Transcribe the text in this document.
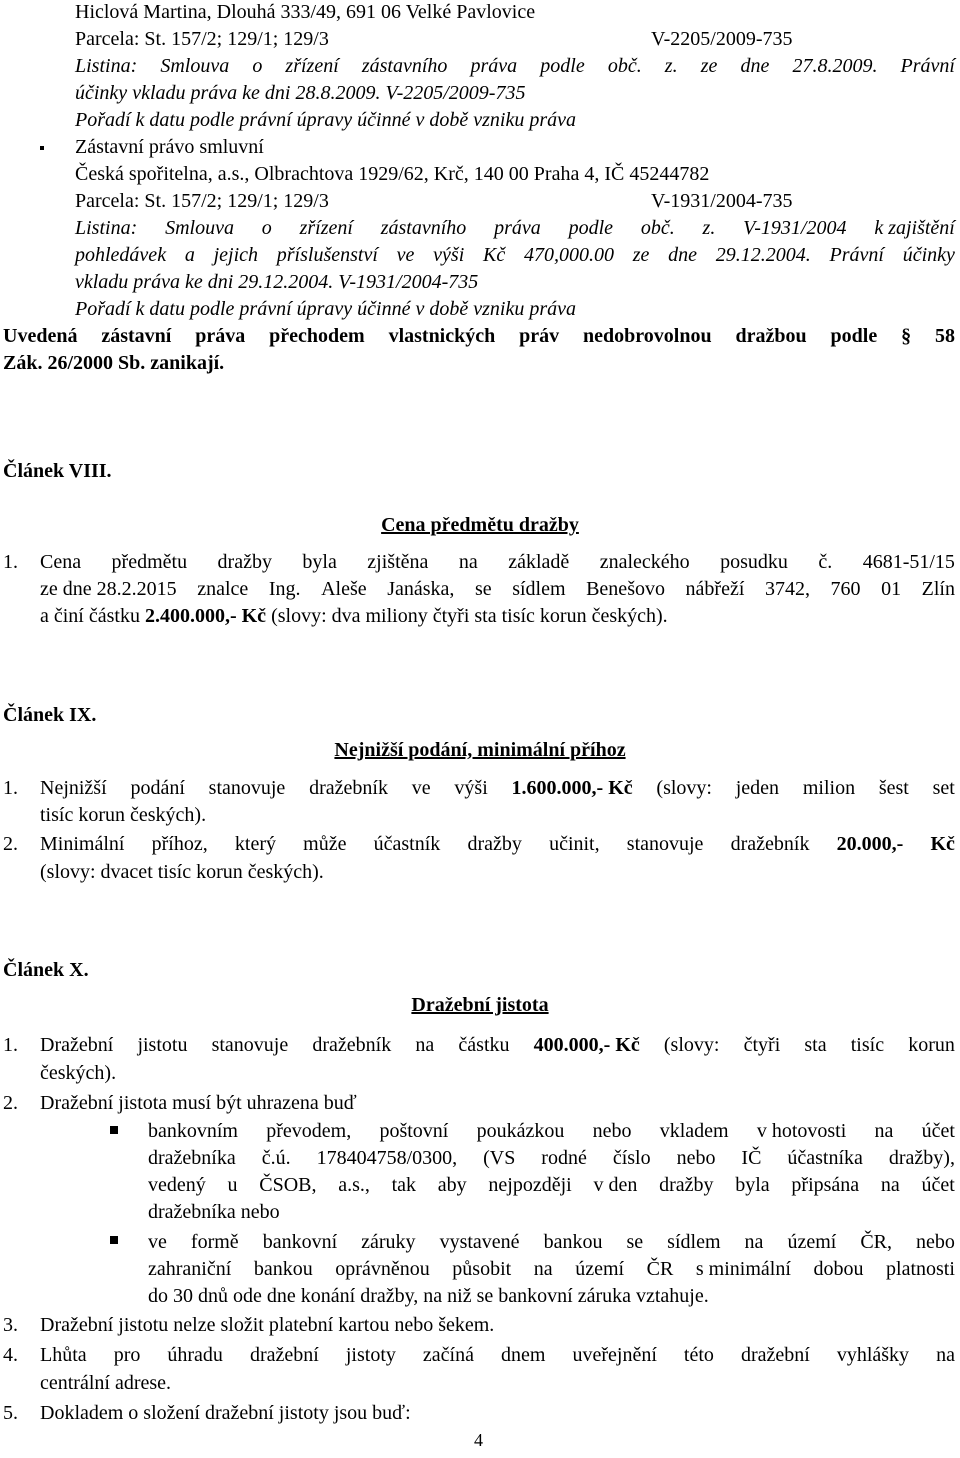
Hiclová Martina, Dlouhá 333/49, 691 06 Velké Pavlovice
Parcela: St. 157/2; 129/1; 129/3	V-2205/2009-735
Listina: Smlouva o zřízení zástavního práva podle obč. z. ze dne 27.8.2009. Právní
účinky vkladu práva ke dni 28.8.2009. V-2205/2009-735
Pořadí k datu podle právní úpravy účinné v době vzniku práva
Zástavní právo smluvní
Česká spořitelna, a.s., Olbrachtova 1929/62, Krč, 140 00 Praha 4, IČ 45244782
Parcela: St. 157/2; 129/1; 129/3	V-1931/2004-735
Listina: Smlouva o zřízení zástavního práva podle obč. z. V-1931/2004 k zajištění
pohledávek a jejich příslušenství ve výši Kč 470,000.00 ze dne 29.12.2004. Právní účinky
vkladu práva ke dni 29.12.2004. V-1931/2004-735
Pořadí k datu podle právní úpravy účinné v době vzniku práva
Uvedená zástavní práva přechodem vlastnických práv nedobrovolnou dražbou podle § 58
Zák. 26/2000 Sb. zanikají.
Článek VIII.
Cena předmětu dražby
1. Cena předmětu dražby byla zjištěna na základě znaleckého posudku č. 4681-51/15
ze dne 28.2.2015 znalce Ing. Aleše Janáska, se sídlem Benešovo nábřeží 3742, 760 01 Zlín
a činí částku 2.400.000,- Kč (slovy: dva miliony čtyři sta tisíc korun českých).
Článek IX.
Nejnižší podání, minimální příhoz
1. Nejnižší podání stanovuje dražebník ve výši 1.600.000,- Kč (slovy: jeden milion šest set
tisíc korun českých).
2. Minimální příhoz, který může účastník dražby učinit, stanovuje dražebník 20.000,- Kč
(slovy: dvacet tisíc korun českých).
Článek X.
Dražební jistota
1. Dražební jistotu stanovuje dražebník na částku 400.000,- Kč (slovy: čtyři sta tisíc korun
českých).
2. Dražební jistota musí být uhrazena buď
bankovním převodem, poštovní poukázkou nebo vkladem v hotovosti na účet
dražebníka č.ú. 178404758/0300, (VS rodné číslo nebo IČ účastníka dražby),
vedený u ČSOB, a.s., tak aby nejpozději v den dražby byla připsána na účet
dražebníka nebo
ve formě bankovní záruky vystavené bankou se sídlem na území ČR, nebo
zahraniční bankou oprávněnou působit na území ČR s minimální dobou platnosti
do 30 dnů ode dne konání dražby, na niž se bankovní záruka vztahuje.
3. Dražební jistotu nelze složit platební kartou nebo šekem.
4. Lhůta pro úhradu dražební jistoty začíná dnem uveřejnění této dražební vyhlášky na
centrální adrese.
5. Dokladem o složení dražební jistoty jsou buď:
4
